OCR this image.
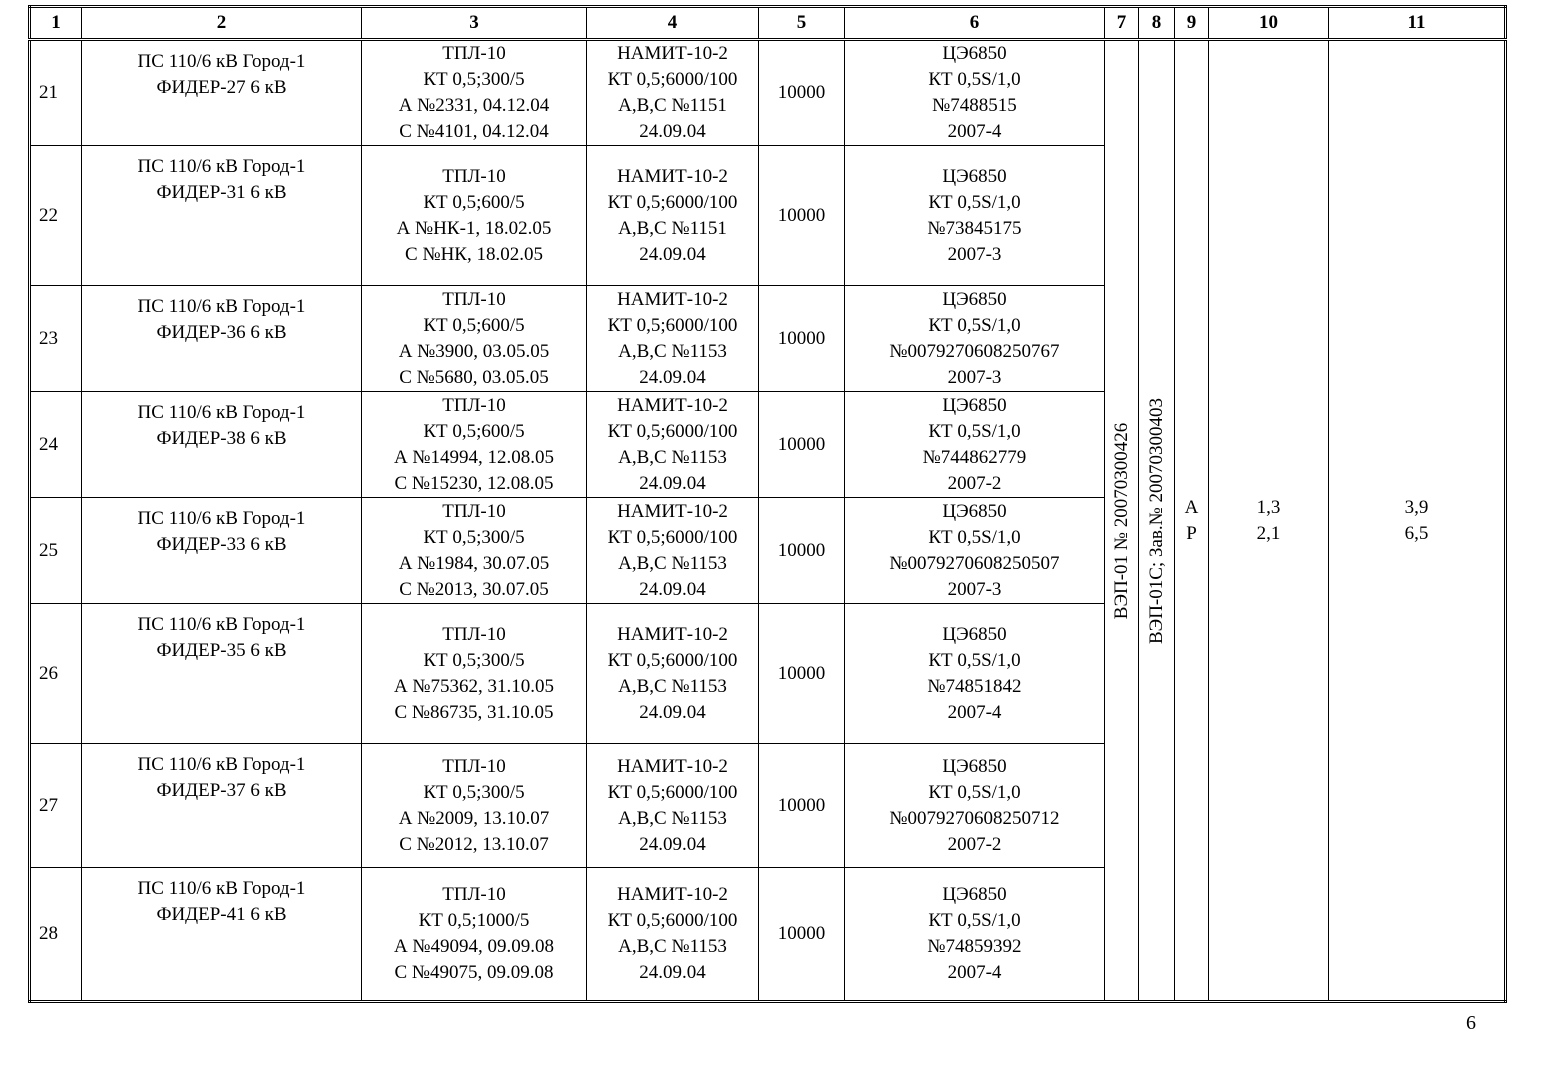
1	2	3	4	5	6	7	8	9	10	11

21	ПС 110/6 кВ Город-1
ФИДЕР-27 6 кВ	ТПЛ-10
КТ 0,5;300/5
А №2331, 04.12.04
С №4101, 04.12.04	НАМИТ-10-2
КТ 0,5;6000/100
А,В,С №1151
24.09.04	10000	ЦЭ6850
КТ 0,5S/1,0
№7488515
2007-4	ВЭП-01 № 20070300426	ВЭП-01С; Зав.№ 20070300403	А
Р	1,3
2,1	3,9
6,5

22	ПС 110/6 кВ Город-1
ФИДЕР-31 6 кВ	ТПЛ-10
КТ 0,5;600/5
А №НК-1, 18.02.05
С №НК, 18.02.05	НАМИТ-10-2
КТ 0,5;6000/100
А,В,С №1151
24.09.04	10000	ЦЭ6850
КТ 0,5S/1,0
№73845175
2007-3					

23	ПС 110/6 кВ Город-1
ФИДЕР-36 6 кВ	ТПЛ-10
КТ 0,5;600/5
А №3900, 03.05.05
С №5680, 03.05.05	НАМИТ-10-2
КТ 0,5;6000/100
А,В,С №1153
24.09.04	10000	ЦЭ6850
КТ 0,5S/1,0
№0079270608250767
2007-3					

24	ПС 110/6 кВ Город-1
ФИДЕР-38 6 кВ	ТПЛ-10
КТ 0,5;600/5
А №14994, 12.08.05
С №15230, 12.08.05	НАМИТ-10-2
КТ 0,5;6000/100
А,В,С №1153
24.09.04	10000	ЦЭ6850
КТ 0,5S/1,0
№744862779
2007-2					

25	ПС 110/6 кВ Город-1
ФИДЕР-33 6 кВ	ТПЛ-10
КТ 0,5;300/5
А №1984, 30.07.05
С №2013, 30.07.05	НАМИТ-10-2
КТ 0,5;6000/100
А,В,С №1153
24.09.04	10000	ЦЭ6850
КТ 0,5S/1,0
№0079270608250507
2007-3					

26	ПС 110/6 кВ Город-1
ФИДЕР-35 6 кВ	ТПЛ-10
КТ 0,5;300/5
А №75362, 31.10.05
С №86735, 31.10.05	НАМИТ-10-2
КТ 0,5;6000/100
А,В,С №1153
24.09.04	10000	ЦЭ6850
КТ 0,5S/1,0
№74851842
2007-4					

27	ПС 110/6 кВ Город-1
ФИДЕР-37 6 кВ	ТПЛ-10
КТ 0,5;300/5
А №2009, 13.10.07
С №2012, 13.10.07	НАМИТ-10-2
КТ 0,5;6000/100
А,В,С №1153
24.09.04	10000	ЦЭ6850
КТ 0,5S/1,0
№0079270608250712
2007-2					

28	ПС 110/6 кВ Город-1
ФИДЕР-41 6 кВ	ТПЛ-10
КТ 0,5;1000/5
А №49094, 09.09.08
С №49075, 09.09.08	НАМИТ-10-2
КТ 0,5;6000/100
А,В,С №1153
24.09.04	10000	ЦЭ6850
КТ 0,5S/1,0
№74859392
2007-4					
6
